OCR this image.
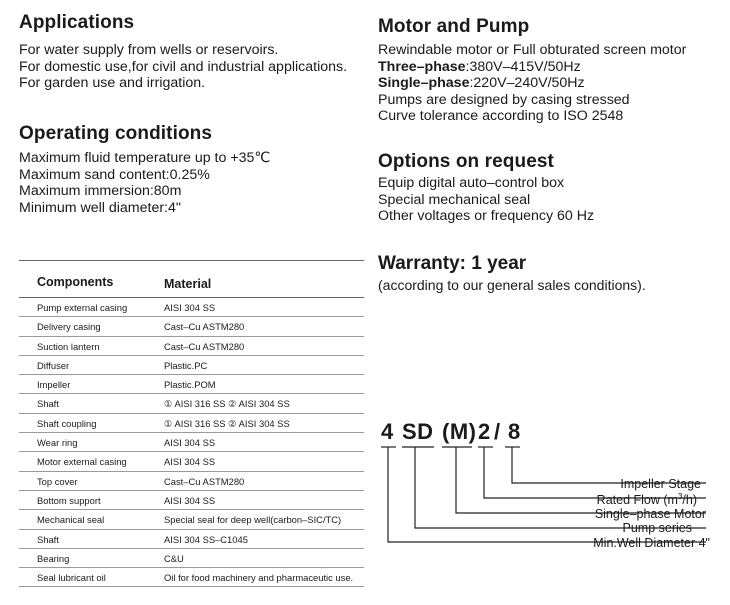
Applications
For water supply from wells or reservoirs.
For domestic use,for civil and industrial applications.
For garden use and irrigation.
Operating conditions
Maximum fluid temperature up to +35℃
Maximum sand content:0.25%
Maximum immersion:80m
Minimum well diameter:4"
Components	Material
Pump external casing	AISI 304 SS
Delivery casing	Cast–Cu ASTM280
Suction lantern	Cast–Cu ASTM280
Diffuser	Plastic.PC
Impeller	Plastic.POM
Shaft	① AISI 316 SS ② AISI 304 SS
Shaft coupling	① AISI 316 SS ② AISI 304 SS
Wear ring	AISI 304 SS
Motor external casing	AISI 304 SS
Top cover	Cast–Cu ASTM280
Bottom support	AISI 304 SS
Mechanical seal	Special seal for deep well(carbon–SIC/TC)
Shaft	AISI 304 SS–C1045
Bearing	C&U
Seal lubricant oil	Oil for food machinery and pharmaceutic use.
Motor and Pump
Rewindable motor or Full obturated screen motor
Three–phase:380V–415V/50Hz
Single–phase:220V–240V/50Hz
Pumps are designed by casing stressed
Curve tolerance according to ISO 2548
Options on request
Equip digital auto–control box
Special mechanical seal
Other voltages or frequency 60 Hz
Warranty: 1 year
(according to our general sales conditions).
4 SD (M) 2 / 8
Impeller Stage
Rated Flow $(m^3/h)$
Single–phase Motor
Pump series
Min.Well Diameter 4"
